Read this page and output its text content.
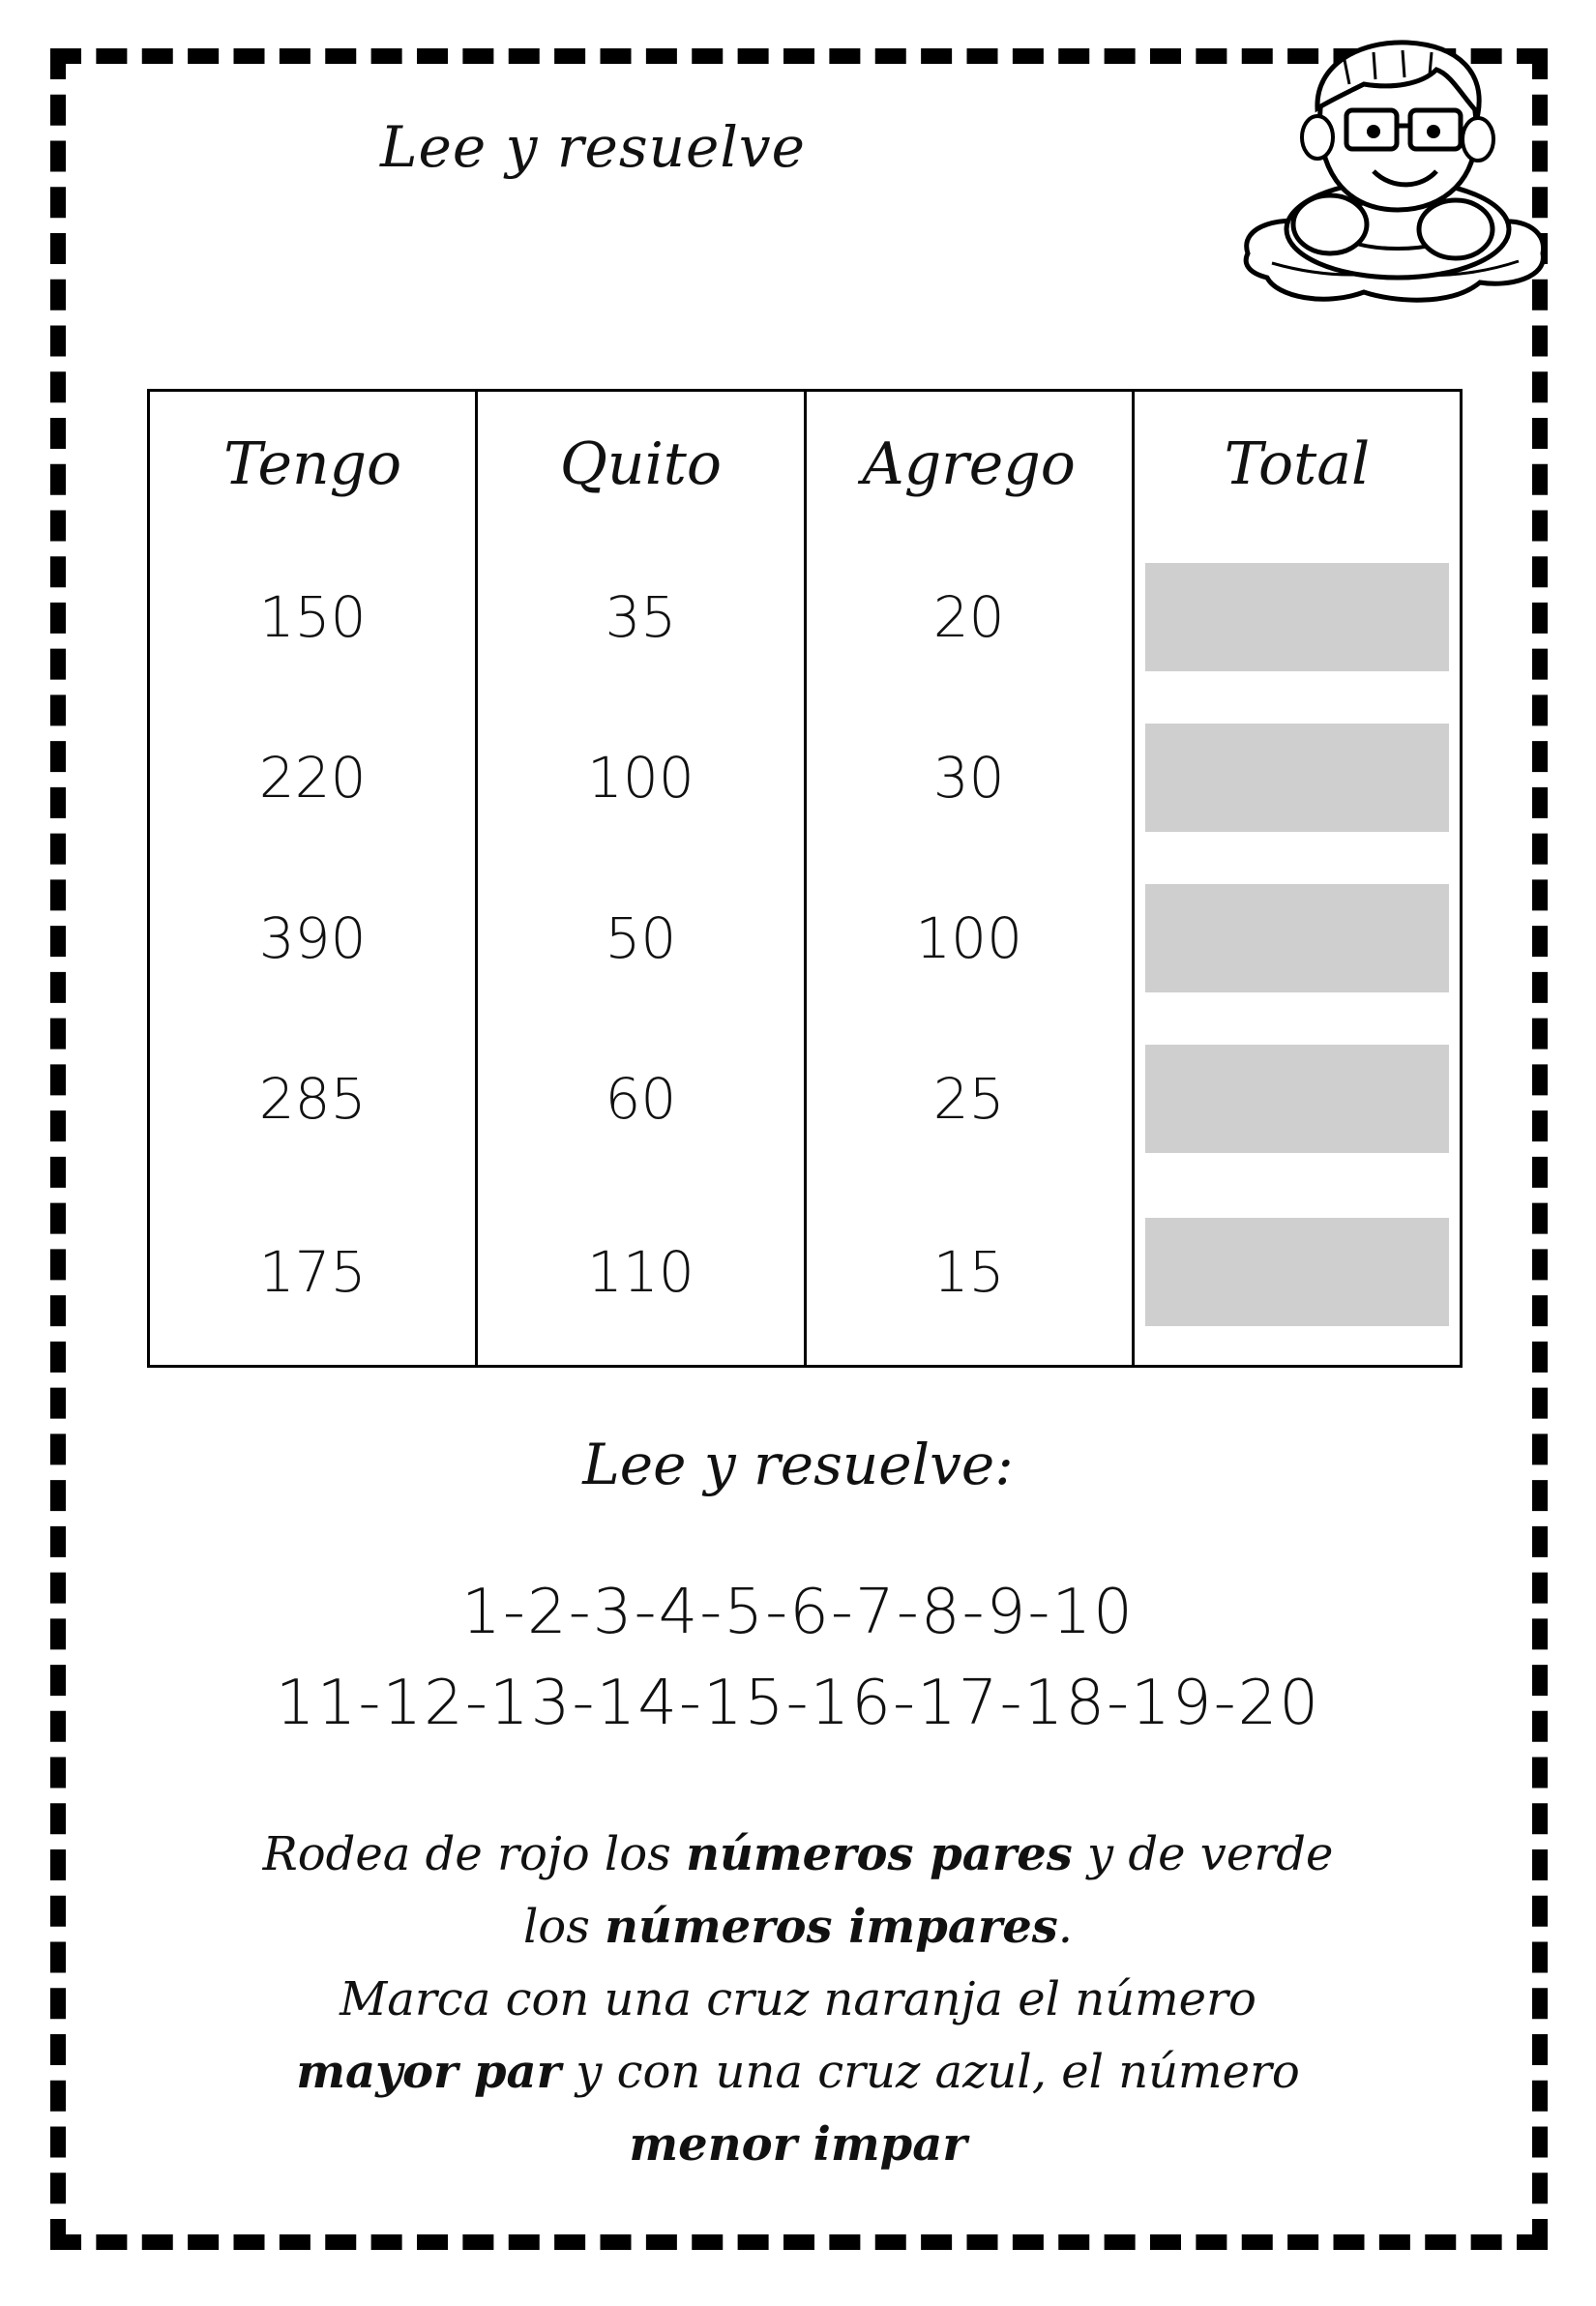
Lee y resuelve
Tengo	Quito	Agrego	Total
150	35	20	

220	100	30	

390	50	100	

285	60	25	

175	110	15	
Lee y resuelve:
1-2-3-4-5-6-7-8-9-10
11-12-13-14-15-16-17-18-19-20
Rodea de rojo los números pares y de verde
los números impares.
Marca con una cruz naranja el número
mayor par y con una cruz azul, el número
menor impar
